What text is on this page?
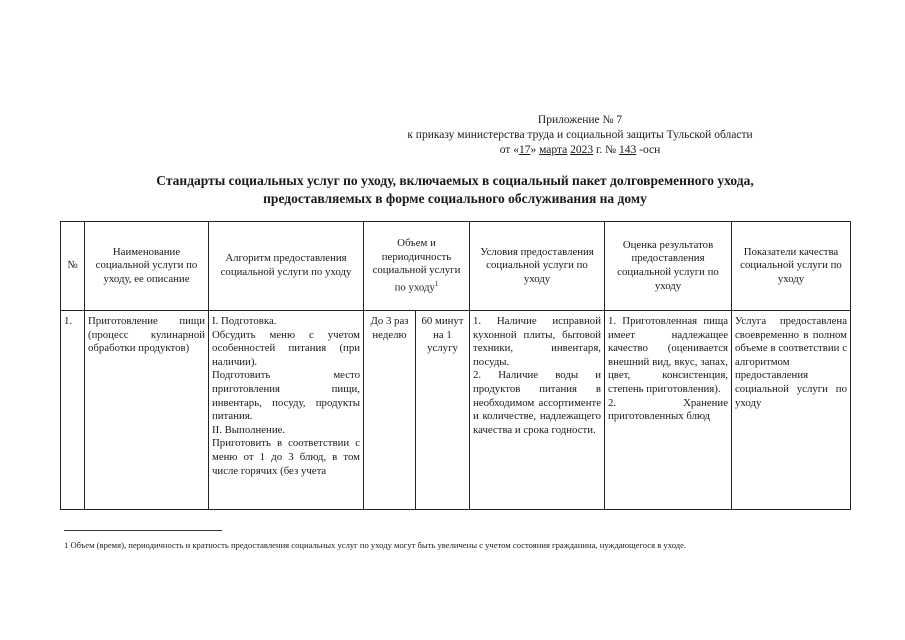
Приложение № 7
к приказу министерства труда и социальной защиты Тульской области
от «17» марта 2023 г. № 143 -осн
Стандарты социальных услуг по уходу, включаемых в социальный пакет долговременного ухода,
предоставляемых в форме социального обслуживания на дому
№	Наименование социальной услуги по уходу, ее описание	Алгоритм предоставления социальной услуги по уходу	Объем и периодичность социальной услуги по уходу$^1$		Условия предоставления социальной услуги по уходу	Оценка результатов предоставления социальной услуги по уходу	Показатели качества социальной услуги по уходу
1.	Приготовление пищи (процесс кулинарной обработки продуктов)	I. Подготовка.
Обсудить меню с учетом особенностей питания (при наличии).
Подготовить место приготовления пищи, инвентарь, посуду, продукты питания.
II. Выполнение.
Приготовить в соответствии с меню от 1 до 3 блюд, в том числе горячих (без учета	До 3 раз неделю	60 минут на 1 услугу	1. Наличие исправной кухонной плиты, бытовой техники, инвентаря, посуды.
2. Наличие воды и продуктов питания в необходимом ассортименте и количестве, надлежащего качества и срока годности.	1. Приготовленная пища имеет надлежащее качество (оценивается внешний вид, вкус, запах, цвет, консистенция, степень приготовления).
2. Хранение приготовленных блюд	Услуга предоставлена своевременно в полном объеме в соответствии с алгоритмом предоставления социальной услуги по уходу
1 Объем (время), периодичность и кратность предоставления социальных услуг по уходу могут быть увеличены с учетом состояния гражданина, нуждающегося в уходе.
